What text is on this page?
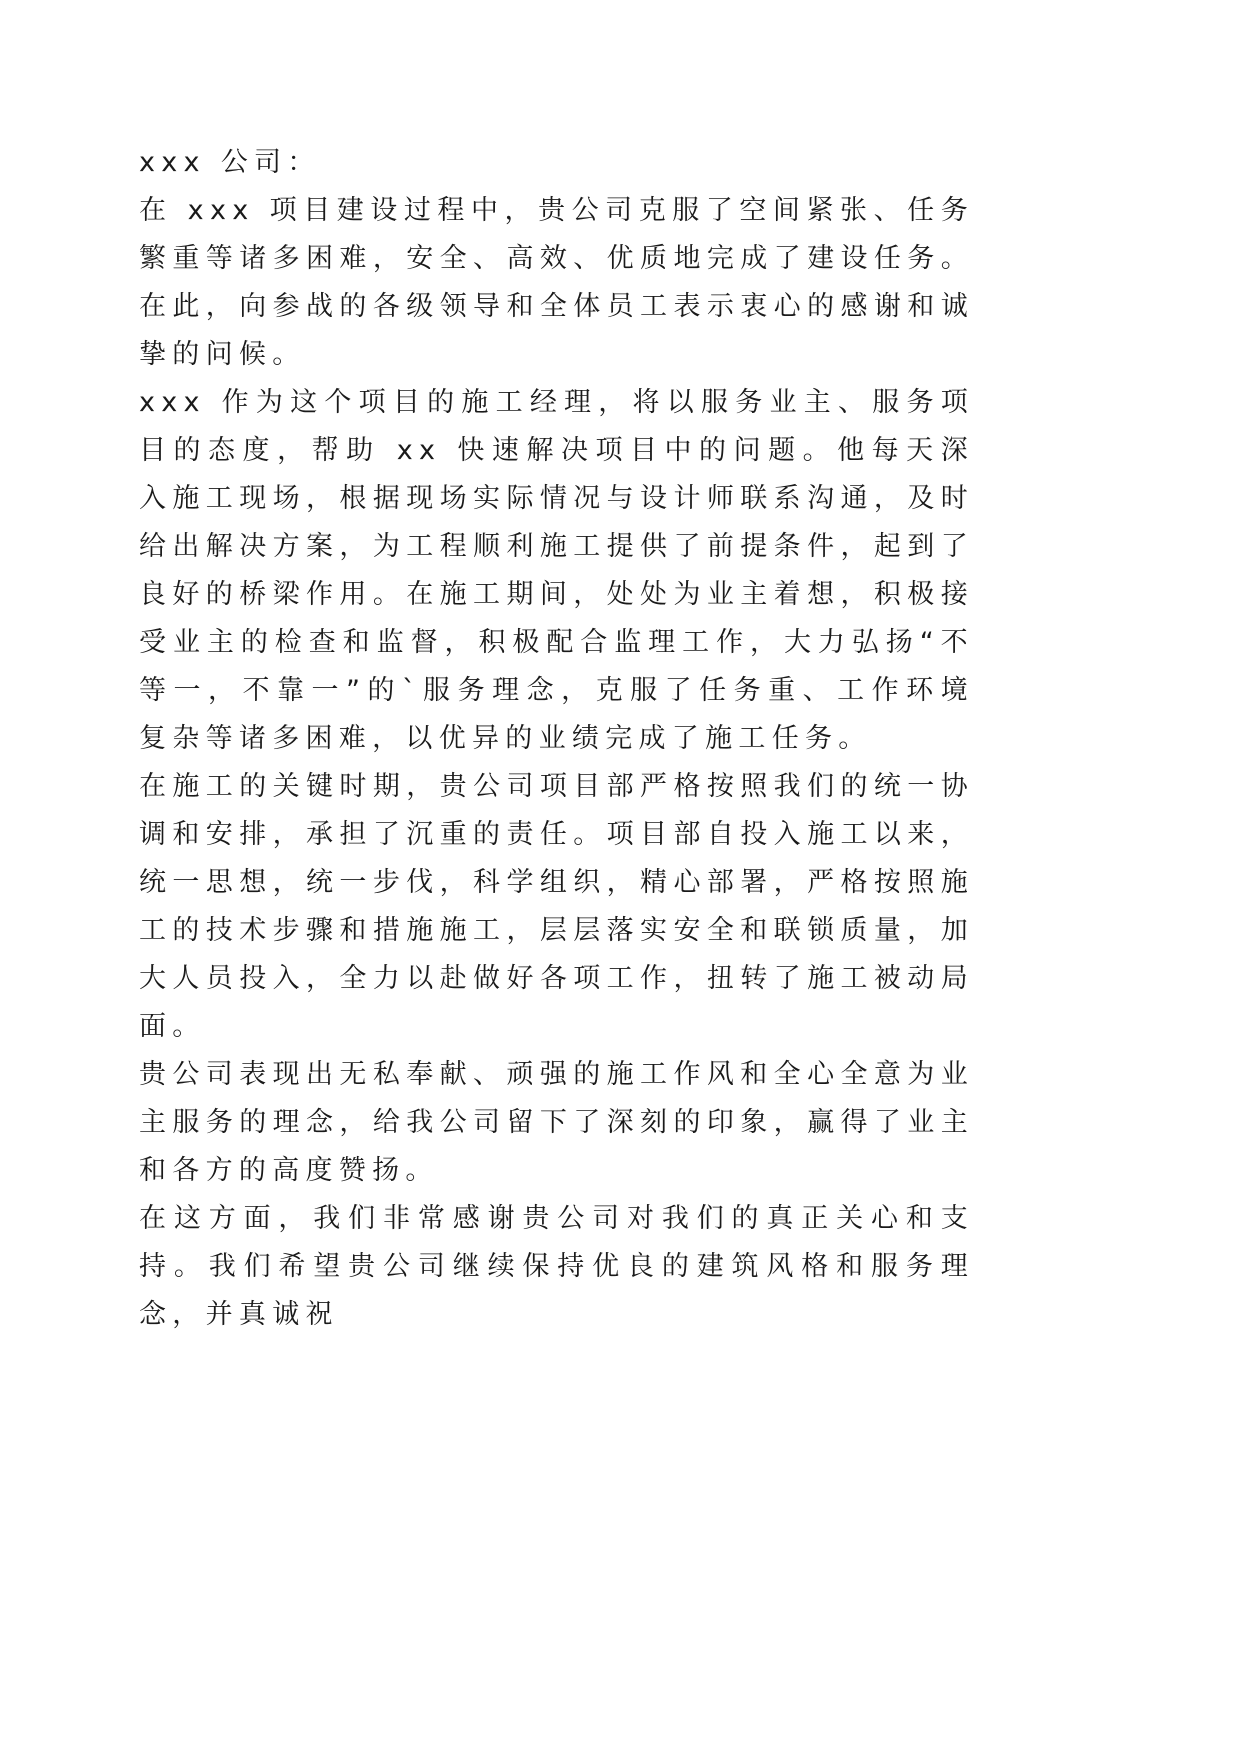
xxx 公司：

在 xxx 项目建设过程中，贵公司克服了空间紧张、任务繁重等诸多困难，安全、高效、优质地完成了建设任务。在此，向参战的各级领导和全体员工表示衷心的感谢和诚挚的问候。

xxx 作为这个项目的施工经理，将以服务业主、服务项目的态度，帮助 xx 快速解决项目中的问题。他每天深入施工现场，根据现场实际情况与设计师联系沟通，及时给出解决方案，为工程顺利施工提供了前提条件，起到了良好的桥梁作用。在施工期间，处处为业主着想，积极接受业主的检查和监督，积极配合监理工作，大力弘扬“不等一，不靠一”的`服务理念，克服了任务重、工作环境复杂等诸多困难，以优异的业绩完成了施工任务。

在施工的关键时期，贵公司项目部严格按照我们的统一协调和安排，承担了沉重的责任。项目部自投入施工以来，统一思想，统一步伐，科学组织，精心部署，严格按照施工的技术步骤和措施施工，层层落实安全和联锁质量，加大人员投入，全力以赴做好各项工作，扭转了施工被动局面。

贵公司表现出无私奉献、顽强的施工作风和全心全意为业主服务的理念，给我公司留下了深刻的印象，赢得了业主和各方的高度赞扬。

在这方面，我们非常感谢贵公司对我们的真正关心和支持。我们希望贵公司继续保持优良的建筑风格和服务理念，并真诚祝
